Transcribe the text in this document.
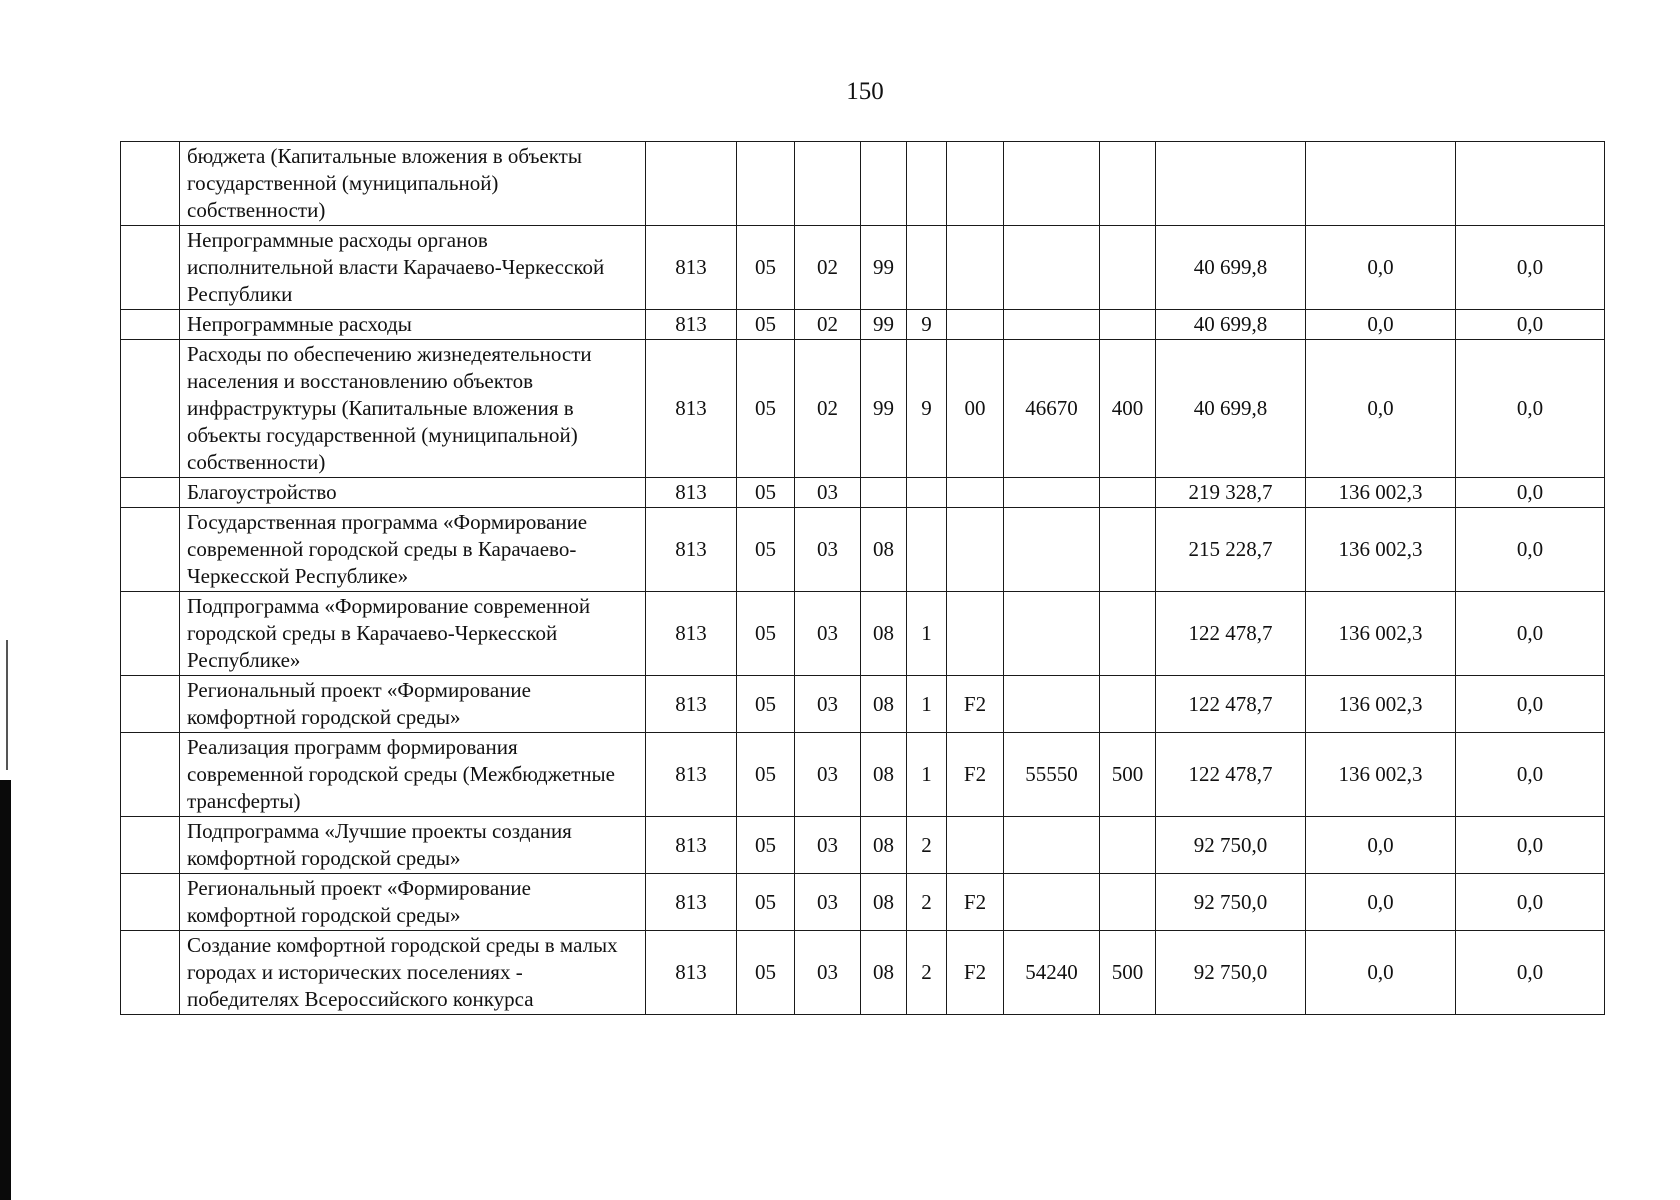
150
	бюджета (Капитальные вложения в объекты государственной (муниципальной) собственности)											
	Непрограммные расходы органов исполнительной власти Карачаево-Черкесской Республики	813	05	02	99					40 699,8	0,0	0,0
	Непрограммные расходы	813	05	02	99	9				40 699,8	0,0	0,0
	Расходы по обеспечению жизнедеятельности населения и восстановлению объектов инфраструктуры (Капитальные вложения в объекты государственной (муниципальной) собственности)	813	05	02	99	9	00	46670	400	40 699,8	0,0	0,0
	Благоустройство	813	05	03						219 328,7	136 002,3	0,0
	Государственная программа «Формирование современной городской среды в Карачаево-Черкесской Республике»	813	05	03	08					215 228,7	136 002,3	0,0
	Подпрограмма «Формирование современной городской среды в Карачаево-Черкесской Республике»	813	05	03	08	1				122 478,7	136 002,3	0,0
	Региональный проект «Формирование комфортной городской среды»	813	05	03	08	1	F2			122 478,7	136 002,3	0,0
	Реализация программ формирования современной городской среды (Межбюджетные трансферты)	813	05	03	08	1	F2	55550	500	122 478,7	136 002,3	0,0
	Подпрограмма «Лучшие проекты создания комфортной городской среды»	813	05	03	08	2				92 750,0	0,0	0,0
	Региональный проект «Формирование комфортной городской среды»	813	05	03	08	2	F2			92 750,0	0,0	0,0
	Создание комфортной городской среды в малых городах и исторических поселениях - победителях Всероссийского конкурса	813	05	03	08	2	F2	54240	500	92 750,0	0,0	0,0
